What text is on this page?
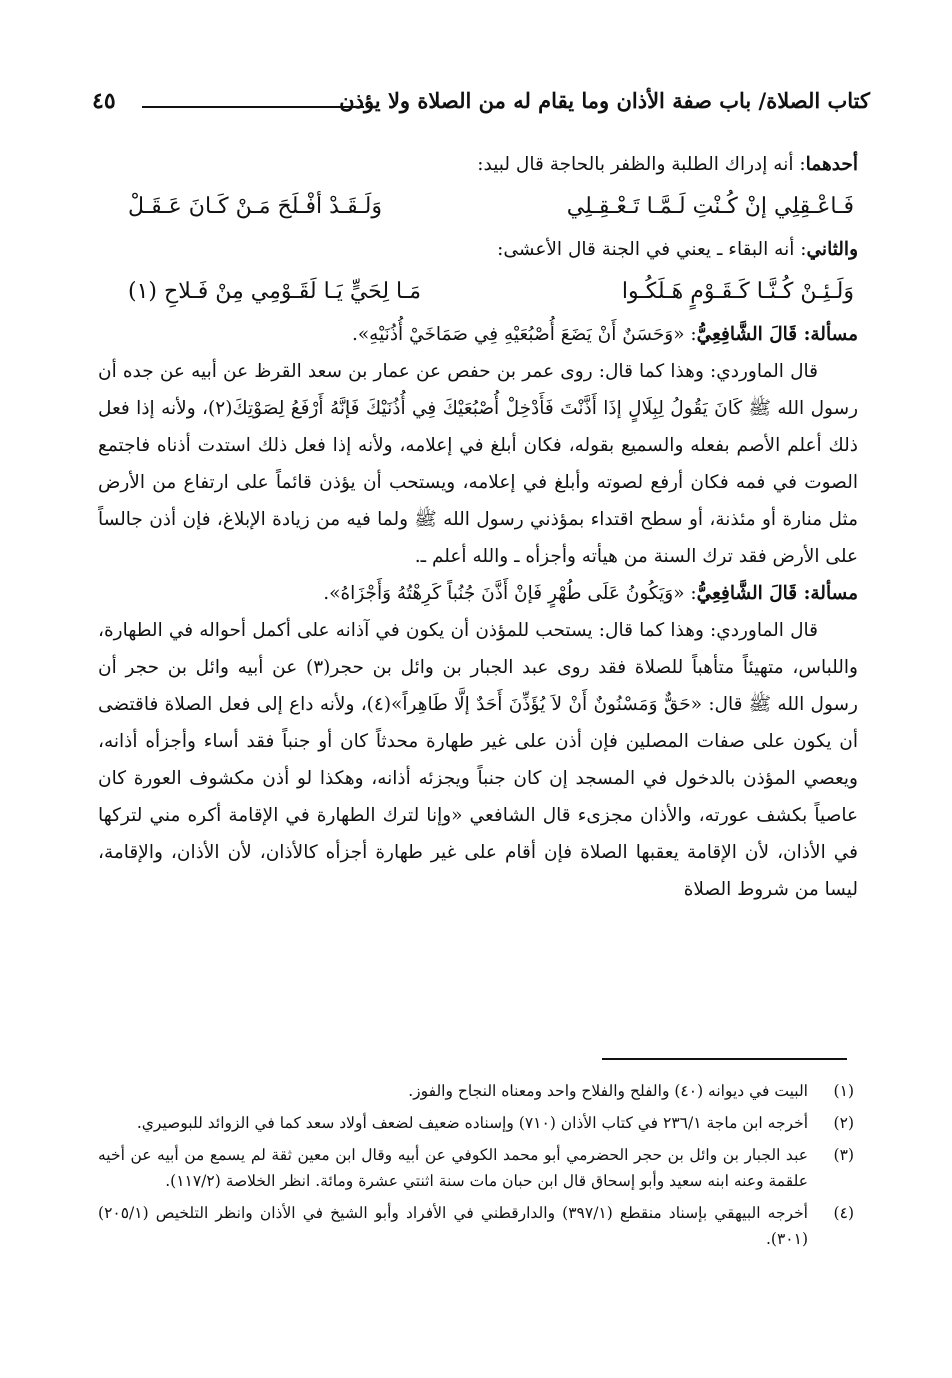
كتاب الصلاة/ باب صفة الأذان وما يقام له من الصلاة ولا يؤذن
٤٥

أحدهما: أنه إدراك الطلبة والظفر بالحاجة قال لبيد:

فَـاعْـقِلِي إنْ كُـنْتِ لَـمَّـا تَـعْـقِـلِي
وَلَـقَـدْ أفْـلَحَ مَـنْ كَـانَ عَـقَـلْ

والثاني: أنه البقاء ـ يعني في الجنة قال الأعشى:

وَلَـئِـنْ كُـنَّـا كَـقَـوْمٍ هَـلَكُـوا
مَـا لِحَيٍّ يَـا لَقَـوْمِي مِنْ فَـلاحِ (١)

مسألة: قَالَ الشَّافِعِيُّ: «وَحَسَنٌ أَنْ يَضَعَ أُصْبُعَيْهِ فِي صَمَاخَيْ أُذُنَيْهِ».

قال الماوردي: وهذا كما قال: روى عمر بن حفص عن عمار بن سعد القرظ عن أبيه عن جده أن رسول الله ﷺ كَانَ يَقُولُ لِبِلَالٍ إذَا أَذَّنْتَ فَأَدْخِلْ أُصْبُعَيْكَ فِي أُذُنَيْكَ فَإنَّهُ أَرْفَعُ لِصَوْتِكَ(٢)، ولأنه إذا فعل ذلك أعلم الأصم بفعله والسميع بقوله، فكان أبلغ في إعلامه، ولأنه إذا فعل ذلك استدت أذناه فاجتمع الصوت في فمه فكان أرفع لصوته وأبلغ في إعلامه، ويستحب أن يؤذن قائماً على ارتفاع من الأرض مثل منارة أو مئذنة، أو سطح اقتداء بمؤذني رسول الله ﷺ ولما فيه من زيادة الإبلاغ، فإن أذن جالساً على الأرض فقد ترك السنة من هيأته وأجزأه ـ والله أعلم ـ.

مسألة: قَالَ الشَّافِعِيُّ: «وَيَكُونُ عَلَى طُهْرٍ فَإنْ أَذَّنَ جُنُباً كَرِهْتُهُ وَأَجْزَاهُ».

قال الماوردي: وهذا كما قال: يستحب للمؤذن أن يكون في آذانه على أكمل أحواله في الطهارة، واللباس، متهيئاً متأهباً للصلاة فقد روى عبد الجبار بن وائل بن حجر(٣) عن أبيه وائل بن حجر أن رسول الله ﷺ قال: «حَقٌّ وَمَسْنُونٌ أَنْ لاَ يُؤَذِّنَ أَحَدٌ إلَّا طَاهِراً»(٤)، ولأنه داع إلى فعل الصلاة فاقتضى أن يكون على صفات المصلين فإن أذن على غير طهارة محدثاً كان أو جنباً فقد أساء وأجزأه أذانه، ويعصي المؤذن بالدخول في المسجد إن كان جنباً ويجزئه أذانه، وهكذا لو أذن مكشوف العورة كان عاصياً بكشف عورته، والأذان مجزىء قال الشافعي «وإنا لترك الطهارة في الإقامة أكره مني لتركها في الأذان، لأن الإقامة يعقبها الصلاة فإن أقام على غير طهارة أجزأه كالأذان، لأن الأذان، والإقامة، ليسا من شروط الصلاة

(١)
البيت في ديوانه (٤٠) والفلح والفلاح واحد ومعناه النجاح والفوز.
(٢)
أخرجه ابن ماجة ٢٣٦/١ في كتاب الأذان (٧١٠) وإسناده ضعيف لضعف أولاد سعد كما في الزوائد للبوصيري.
(٣)
عبد الجبار بن وائل بن حجر الحضرمي أبو محمد الكوفي عن أبيه وقال ابن معين ثقة لم يسمع من أبيه عن أخيه علقمة وعنه ابنه سعيد وأبو إسحاق قال ابن حبان مات سنة اثنتي عشرة ومائة. انظر الخلاصة (١١٧/٢).
(٤)
أخرجه البيهقي بإسناد منقطع (٣٩٧/١) والدارقطني في الأفراد وأبو الشيخ في الأذان وانظر التلخيص (٢٠٥/١) (٣٠١).
